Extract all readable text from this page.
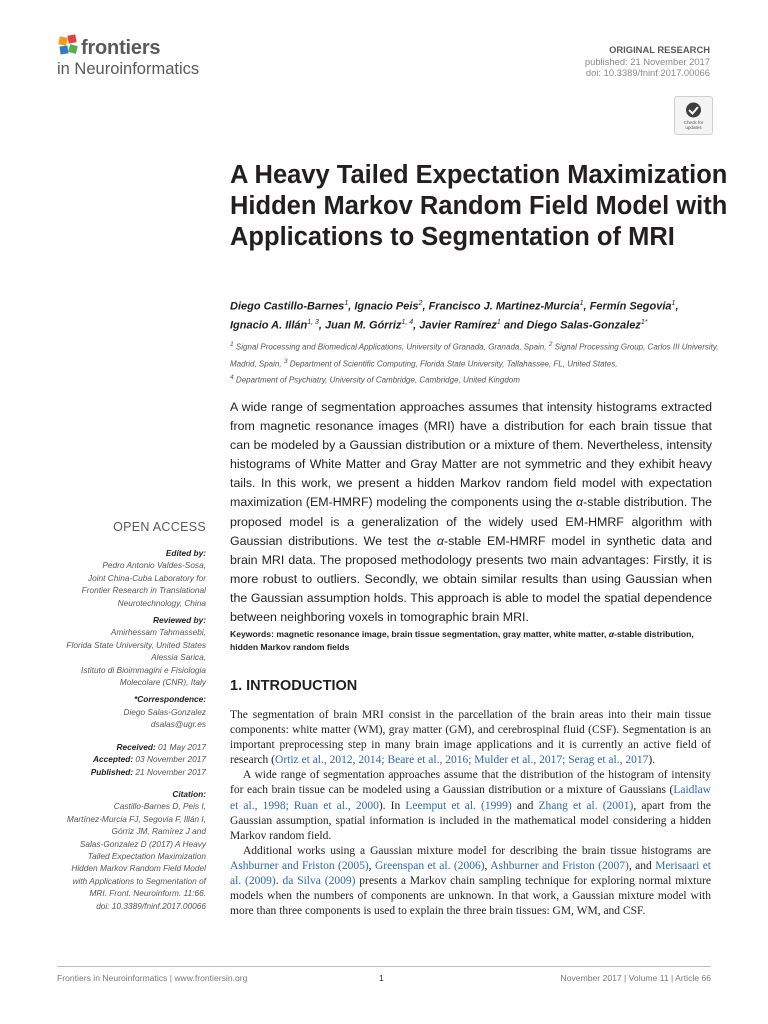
frontiers
in Neuroinformatics
ORIGINAL RESEARCH
published: 21 November 2017
doi: 10.3389/fninf.2017.00066
Check for
updates
A Heavy Tailed Expectation Maximization Hidden Markov Random Field Model with Applications to Segmentation of MRI
Diego Castillo-Barnes$^1$, Ignacio Peis$^2$, Francisco J. Martinez-Murcia$^1$, Fermín Segovia$^1$,
Ignacio A. Illán$^{1, 3}$, Juan M. Górriz$^{1, 4}$, Javier Ramírez$^1$ and Diego Salas-Gonzalez$^{1*}$
$^1$ Signal Processing and Biomedical Applications, University of Granada, Granada, Spain, $^2$ Signal Processing Group, Carlos III University, Madrid, Spain, $^3$ Department of Scientific Computing, Florida State University, Tallahassee, FL, United States,
$^4$ Department of Psychiatry, University of Cambridge, Cambridge, United Kingdom
A wide range of segmentation approaches assumes that intensity histograms extracted from magnetic resonance images (MRI) have a distribution for each brain tissue that can be modeled by a Gaussian distribution or a mixture of them. Nevertheless, intensity histograms of White Matter and Gray Matter are not symmetric and they exhibit heavy tails. In this work, we present a hidden Markov random field model with expectation maximization (EM-HMRF) modeling the components using the α-stable distribution. The proposed model is a generalization of the widely used EM-HMRF algorithm with Gaussian distributions. We test the α-stable EM-HMRF model in synthetic data and brain MRI data. The proposed methodology presents two main advantages: Firstly, it is more robust to outliers. Secondly, we obtain similar results than using Gaussian when the Gaussian assumption holds. This approach is able to model the spatial dependence between neighboring voxels in tomographic brain MRI.
Keywords: magnetic resonance image, brain tissue segmentation, gray matter, white matter, α-stable distribution, hidden Markov random fields
1. INTRODUCTION

The segmentation of brain MRI consist in the parcellation of the brain areas into their main tissue components: white matter (WM), gray matter (GM), and cerebrospinal fluid (CSF). Segmentation is an important preprocessing step in many brain image applications and it is currently an active field of research (Ortiz et al., 2012, 2014; Beare et al., 2016; Mulder et al., 2017; Serag et al., 2017).

A wide range of segmentation approaches assume that the distribution of the histogram of intensity for each brain tissue can be modeled using a Gaussian distribution or a mixture of Gaussians (Laidlaw et al., 1998; Ruan et al., 2000). In Leemput et al. (1999) and Zhang et al. (2001), apart from the Gaussian assumption, spatial information is included in the mathematical model considering a hidden Markov random field.

Additional works using a Gaussian mixture model for describing the brain tissue histograms are Ashburner and Friston (2005), Greenspan et al. (2006), Ashburner and Friston (2007), and Merisaari et al. (2009). da Silva (2009) presents a Markov chain sampling technique for exploring normal mixture models when the numbers of components are unknown. In that work, a Gaussian mixture model with more than three components is used to explain the three brain tissues: GM, WM, and CSF.

OPEN ACCESS
Edited by:
Pedro Antonio Valdes-Sosa,
Joint China-Cuba Laboratory for
Frontier Research in Translational
Neurotechnology, China
Reviewed by:
Amirhessam Tahmassebi,
Florida State University, United States
Alessia Sarica,
Istituto di Bioimmagini e Fisiologia
Molecolare (CNR), Italy
*Correspondence:
Diego Salas-Gonzalez
dsalas@ugr.es
Received: 01 May 2017
Accepted: 03 November 2017
Published: 21 November 2017
Citation:
Castillo-Barnes D, Peis I,
Martínez-Murcia FJ, Segovia F, Illán I,
Górriz JM, Ramírez J and
Salas-Gonzalez D (2017) A Heavy
Tailed Expectation Maximization
Hidden Markov Random Field Model
with Applications to Segmentation of
MRI. Front. Neuroinform. 11:66.
doi: 10.3389/fninf.2017.00066
Frontiers in Neuroinformatics | www.frontiersin.org	1	November 2017 | Volume 11 | Article 66
